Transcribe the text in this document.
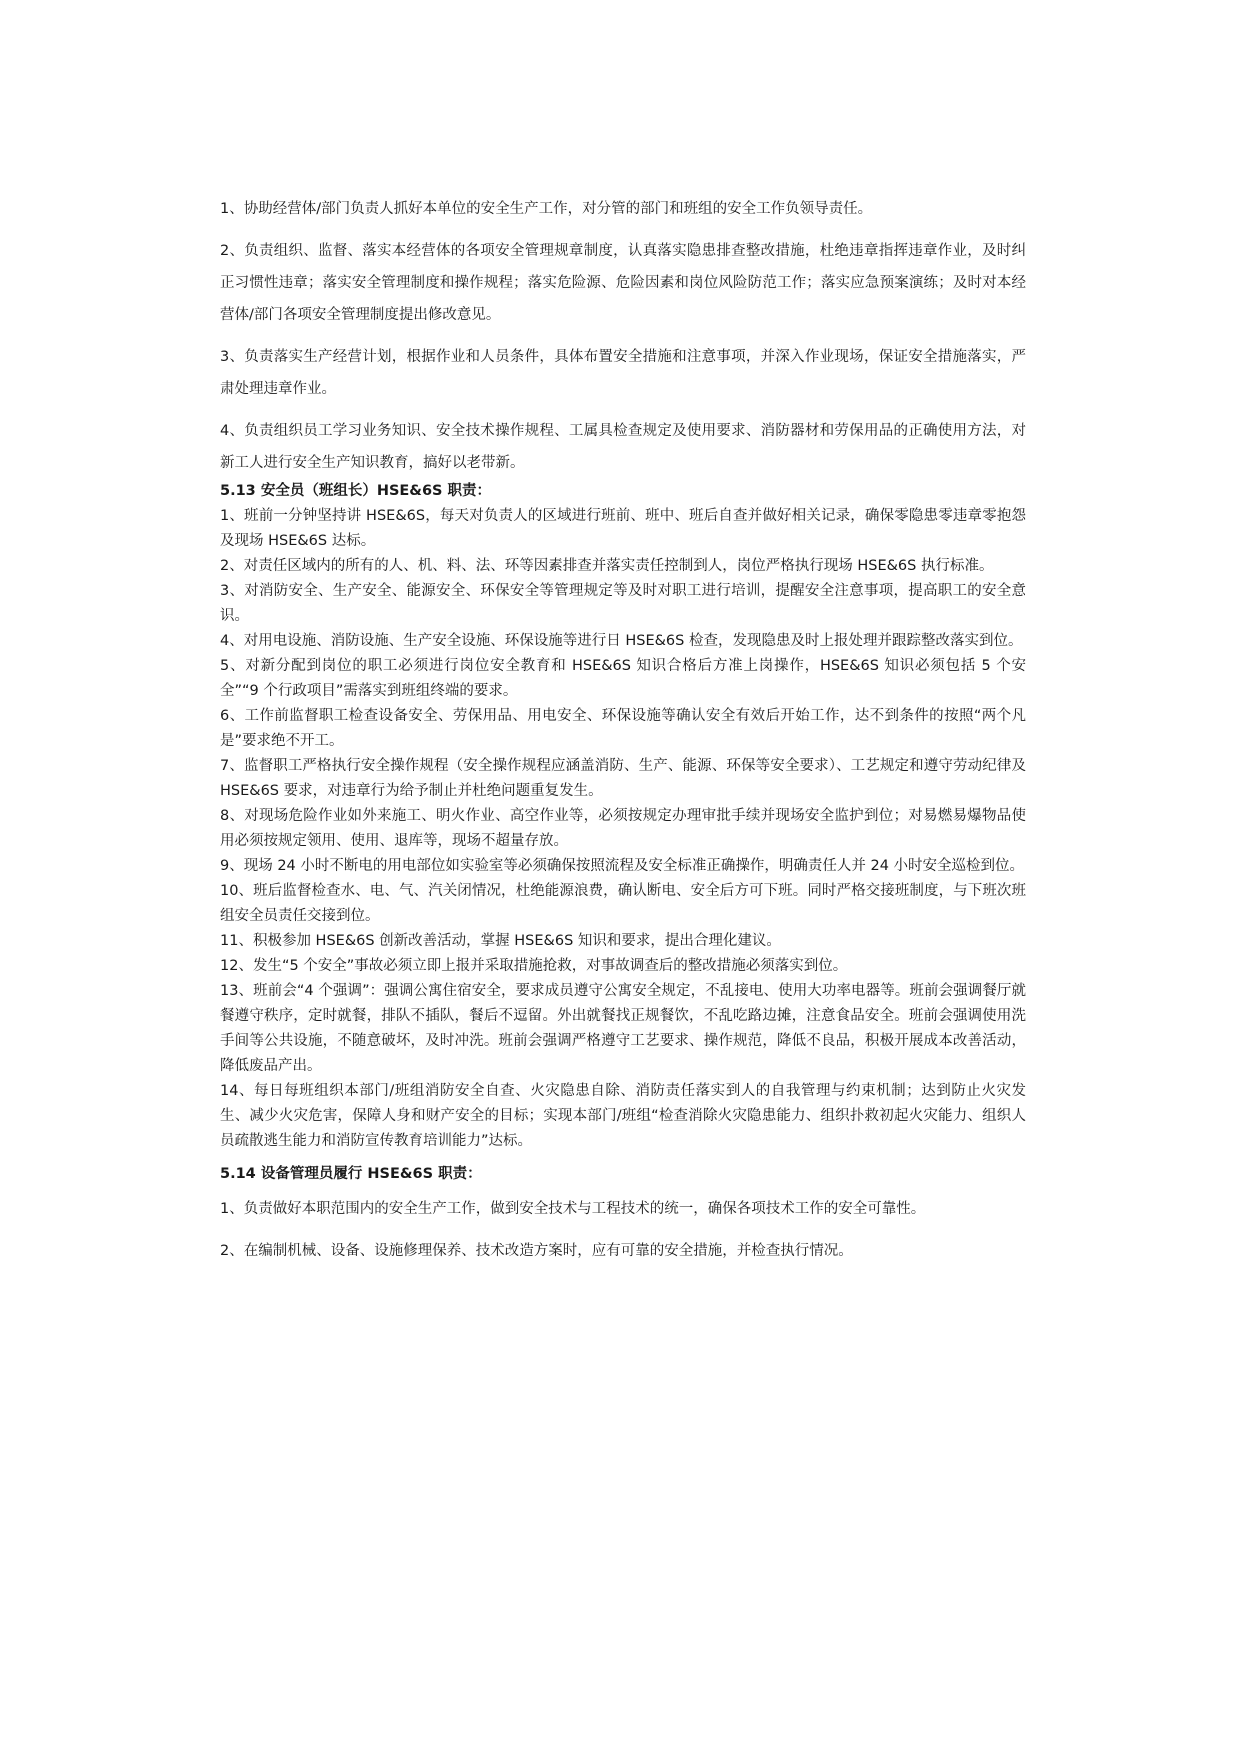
1、协助经营体/部门负责人抓好本单位的安全生产工作，对分管的部门和班组的安全工作负领导责任。

2、负责组织、监督、落实本经营体的各项安全管理规章制度，认真落实隐患排查整改措施，杜绝违章指挥违章作业，及时纠正习惯性违章；落实安全管理制度和操作规程；落实危险源、危险因素和岗位风险防范工作；落实应急预案演练；及时对本经营体/部门各项安全管理制度提出修改意见。

3、负责落实生产经营计划，根据作业和人员条件，具体布置安全措施和注意事项，并深入作业现场，保证安全措施落实，严肃处理违章作业。

4、负责组织员工学习业务知识、安全技术操作规程、工属具检查规定及使用要求、消防器材和劳保用品的正确使用方法，对新工人进行安全生产知识教育，搞好以老带新。

5.13 安全员（班组长）HSE&6S 职责：

1、班前一分钟坚持讲 HSE&6S，每天对负责人的区域进行班前、班中、班后自查并做好相关记录，确保零隐患零违章零抱怨及现场 HSE&6S 达标。

2、对责任区域内的所有的人、机、料、法、环等因素排查并落实责任控制到人，岗位严格执行现场 HSE&6S 执行标准。

3、对消防安全、生产安全、能源安全、环保安全等管理规定等及时对职工进行培训，提醒安全注意事项，提高职工的安全意识。

4、对用电设施、消防设施、生产安全设施、环保设施等进行日 HSE&6S 检查，发现隐患及时上报处理并跟踪整改落实到位。

5、对新分配到岗位的职工必须进行岗位安全教育和 HSE&6S 知识合格后方准上岗操作，HSE&6S 知识必须包括 5 个安全”“9 个行政项目”需落实到班组终端的要求。

6、工作前监督职工检查设备安全、劳保用品、用电安全、环保设施等确认安全有效后开始工作，达不到条件的按照“两个凡是”要求绝不开工。

7、监督职工严格执行安全操作规程（安全操作规程应涵盖消防、生产、能源、环保等安全要求）、工艺规定和遵守劳动纪律及 HSE&6S 要求，对违章行为给予制止并杜绝问题重复发生。

8、对现场危险作业如外来施工、明火作业、高空作业等，必须按规定办理审批手续并现场安全监护到位；对易燃易爆物品使用必须按规定领用、使用、退库等，现场不超量存放。

9、现场 24 小时不断电的用电部位如实验室等必须确保按照流程及安全标准正确操作，明确责任人并 24 小时安全巡检到位。

10、班后监督检查水、电、气、汽关闭情况，杜绝能源浪费，确认断电、安全后方可下班。同时严格交接班制度，与下班次班组安全员责任交接到位。

11、积极参加 HSE&6S 创新改善活动，掌握 HSE&6S 知识和要求，提出合理化建议。

12、发生“5 个安全”事故必须立即上报并采取措施抢救，对事故调查后的整改措施必须落实到位。

13、班前会“4 个强调”：强调公寓住宿安全，要求成员遵守公寓安全规定，不乱接电、使用大功率电器等。班前会强调餐厅就餐遵守秩序，定时就餐，排队不插队，餐后不逗留。外出就餐找正规餐饮，不乱吃路边摊，注意食品安全。班前会强调使用洗手间等公共设施，不随意破坏，及时冲洗。班前会强调严格遵守工艺要求、操作规范，降低不良品，积极开展成本改善活动，降低废品产出。

14、每日每班组织本部门/班组消防安全自查、火灾隐患自除、消防责任落实到人的自我管理与约束机制；达到防止火灾发生、减少火灾危害，保障人身和财产安全的目标；实现本部门/班组“检查消除火灾隐患能力、组织扑救初起火灾能力、组织人员疏散逃生能力和消防宣传教育培训能力”达标。

5.14 设备管理员履行 HSE&6S 职责：

1、负责做好本职范围内的安全生产工作，做到安全技术与工程技术的统一，确保各项技术工作的安全可靠性。

2、在编制机械、设备、设施修理保养、技术改造方案时，应有可靠的安全措施，并检查执行情况。
